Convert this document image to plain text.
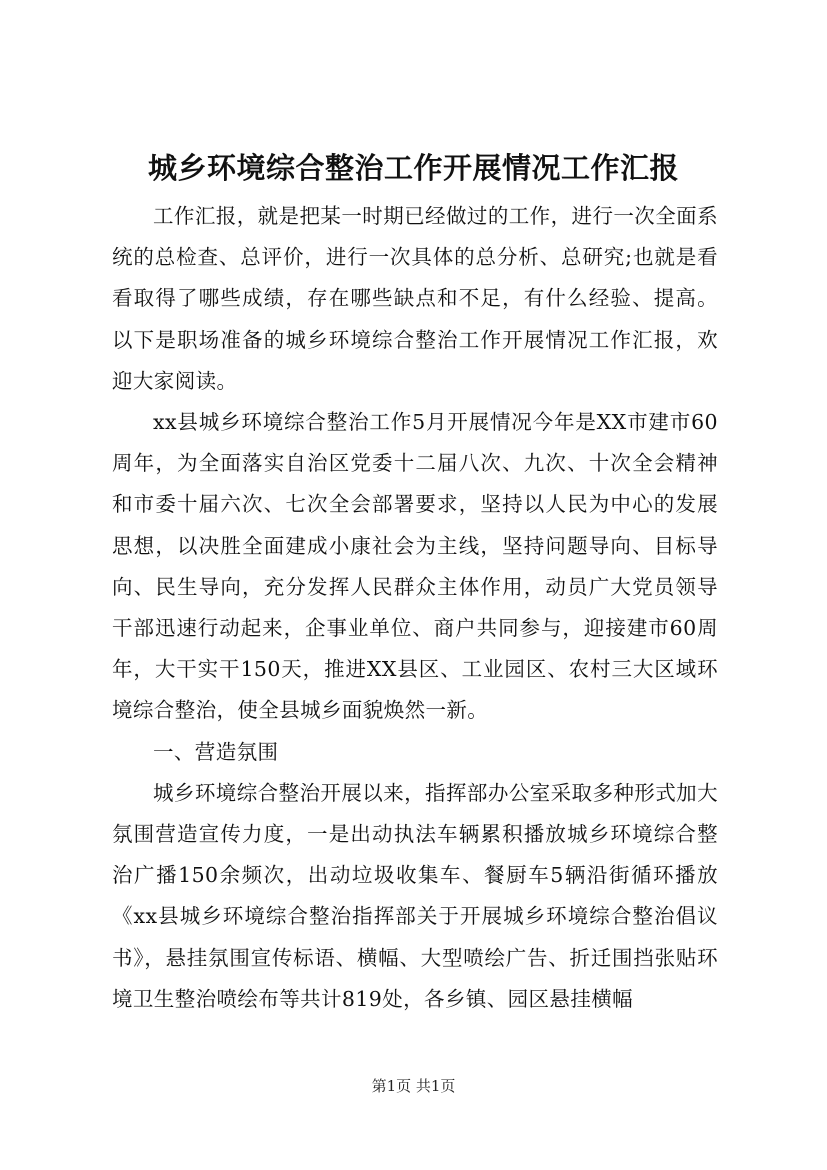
城乡环境综合整治工作开展情况工作汇报

工作汇报，就是把某一时期已经做过的工作，进行一次全面系统的总检查、总评价，进行一次具体的总分析、总研究;也就是看看取得了哪些成绩，存在哪些缺点和不足，有什么经验、提高。以下是职场准备的城乡环境综合整治工作开展情况工作汇报，欢迎大家阅读。

xx县城乡环境综合整治工作5月开展情况今年是XX市建市60周年，为全面落实自治区党委十二届八次、九次、十次全会精神和市委十届六次、七次全会部署要求，坚持以人民为中心的发展思想，以决胜全面建成小康社会为主线，坚持问题导向、目标导向、民生导向，充分发挥人民群众主体作用，动员广大党员领导干部迅速行动起来，企事业单位、商户共同参与，迎接建市60周年，大干实干150天，推进XX县区、工业园区、农村三大区域环境综合整治，使全县城乡面貌焕然一新。

一、营造氛围

城乡环境综合整治开展以来，指挥部办公室采取多种形式加大氛围营造宣传力度，一是出动执法车辆累积播放城乡环境综合整治广播150余频次，出动垃圾收集车、餐厨车5辆沿街循环播放《xx县城乡环境综合整治指挥部关于开展城乡环境综合整治倡议书》，悬挂氛围宣传标语、横幅、大型喷绘广告、折迁围挡张贴环境卫生整治喷绘布等共计819处，各乡镇、园区悬挂横幅

第1页 共1页
